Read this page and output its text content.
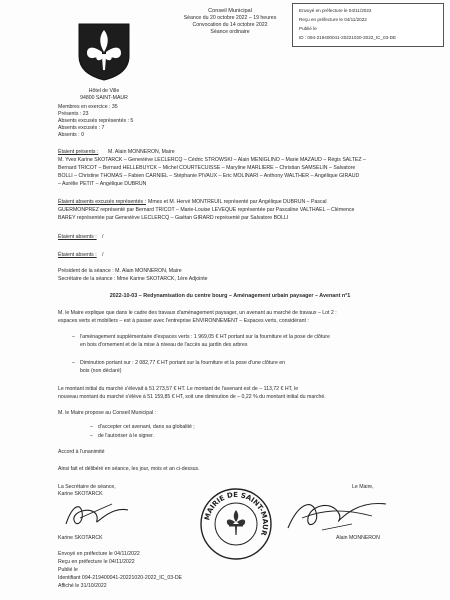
Envoyé en préfecture le 04/11/2022
Reçu en préfecture le 04/11/2022
Publié le
ID : 094-219400041-20221020-2022_IC_03-DE
Hôtel de Ville
94800 SAINT-MAUR
Conseil Municipal
Séance du 20 octobre 2022 – 19 heures
Convocation du 14 octobre 2022
Séance ordinaire
Membres en exercice : 35
Présents : 23
Absents excusés représentés : 5
Absents excusés : 7
Absents : 0
Étaient présents : M. Alain MONNERON, Maire
M. Yves Karine SKOTARCK – Geneviève LECLERCQ – Cédric STROWSKI – Alain MENIGLINO – Marie MAZAUD – Régis SALTEZ –
Bernard TRICOT – Bernard HELLEBUYCK – Michel COURTECUISSE – Maryline MARLIERE – Christian SAMSELIN – Salvatore
BOLLI – Christine THOMAS – Fabien CARNIEL – Stéphanie PIVAUX – Eric MOLINARI – Anthony WALTHER – Angélique GIRAUD
– Aurélie PETIT – Angélique DUBRUN
Étaient absents excusés représentés : Mmes et M. Hervé MONTREUIL représenté par Angélique DUBRUN – Pascal
GUERMONPREZ représenté par Bernard TRICOT – Marie-Louise LEVEQUE représentée par Pascaline VALTHAEL – Clémence
BAREY représentée par Geneviève LECLERCQ – Gaétan GIRARD représenté par Salvatore BOLLI
Étaient absents : /
Étaient absents : /
Président de la séance : M. Alain MONNERON, Maire
Secrétaire de la séance : Mme Karine SKOTARCK, 1ère Adjointe
2022-10-03 – Redynamisation du centre bourg – Aménagement urbain paysager – Avenant n°1
M. le Maire explique que dans le cadre des travaux d'aménagement paysager, un avenant au marché de travaux – Lot 2 :
espaces verts et mobiliers – est à passer avec l'entreprise ENVIRONNEMENT – Espaces verts, considérant :
– l'aménagement supplémentaire d'espaces verts : 1 969,05 € HT portant sur la fourniture et la pose de clôture
en bois d'ornement et de la mise à niveau de l'accès au jardin des arbres
– Diminution portant sur : 2 082,77 € HT portant sur la fourniture et la pose d'une clôture en
bois (non déclaré)
Le montant initial du marché s'élevait à 51 273,57 € HT. Le montant de l'avenant est de – 113,72 € HT, le
nouveau montant du marché s'élève à 51 159,85 € HT, soit une diminution de – 0,22 % du montant initial du marché.
M. le Maire propose au Conseil Municipal :
– d'accepter cet avenant, dans sa globalité ;
– de l'autoriser à le signer.
Accord à l'unanimité
Ainsi fait et délibéré en séance, les jour, mois et an ci-dessus.
La Secrétaire de séance,
Karine SKOTARCK
Karine SKOTARCK
Le Maire,
MAIRIE DE SAINT-MAUR
Alain MONNERON
Envoyé en préfecture le 04/11/2022
Reçu en préfecture le 04/11/2022
Publié le
Identifiant 094-219400041-20221020-2022_IC_03-DE
Affiché le 31/10/2022
